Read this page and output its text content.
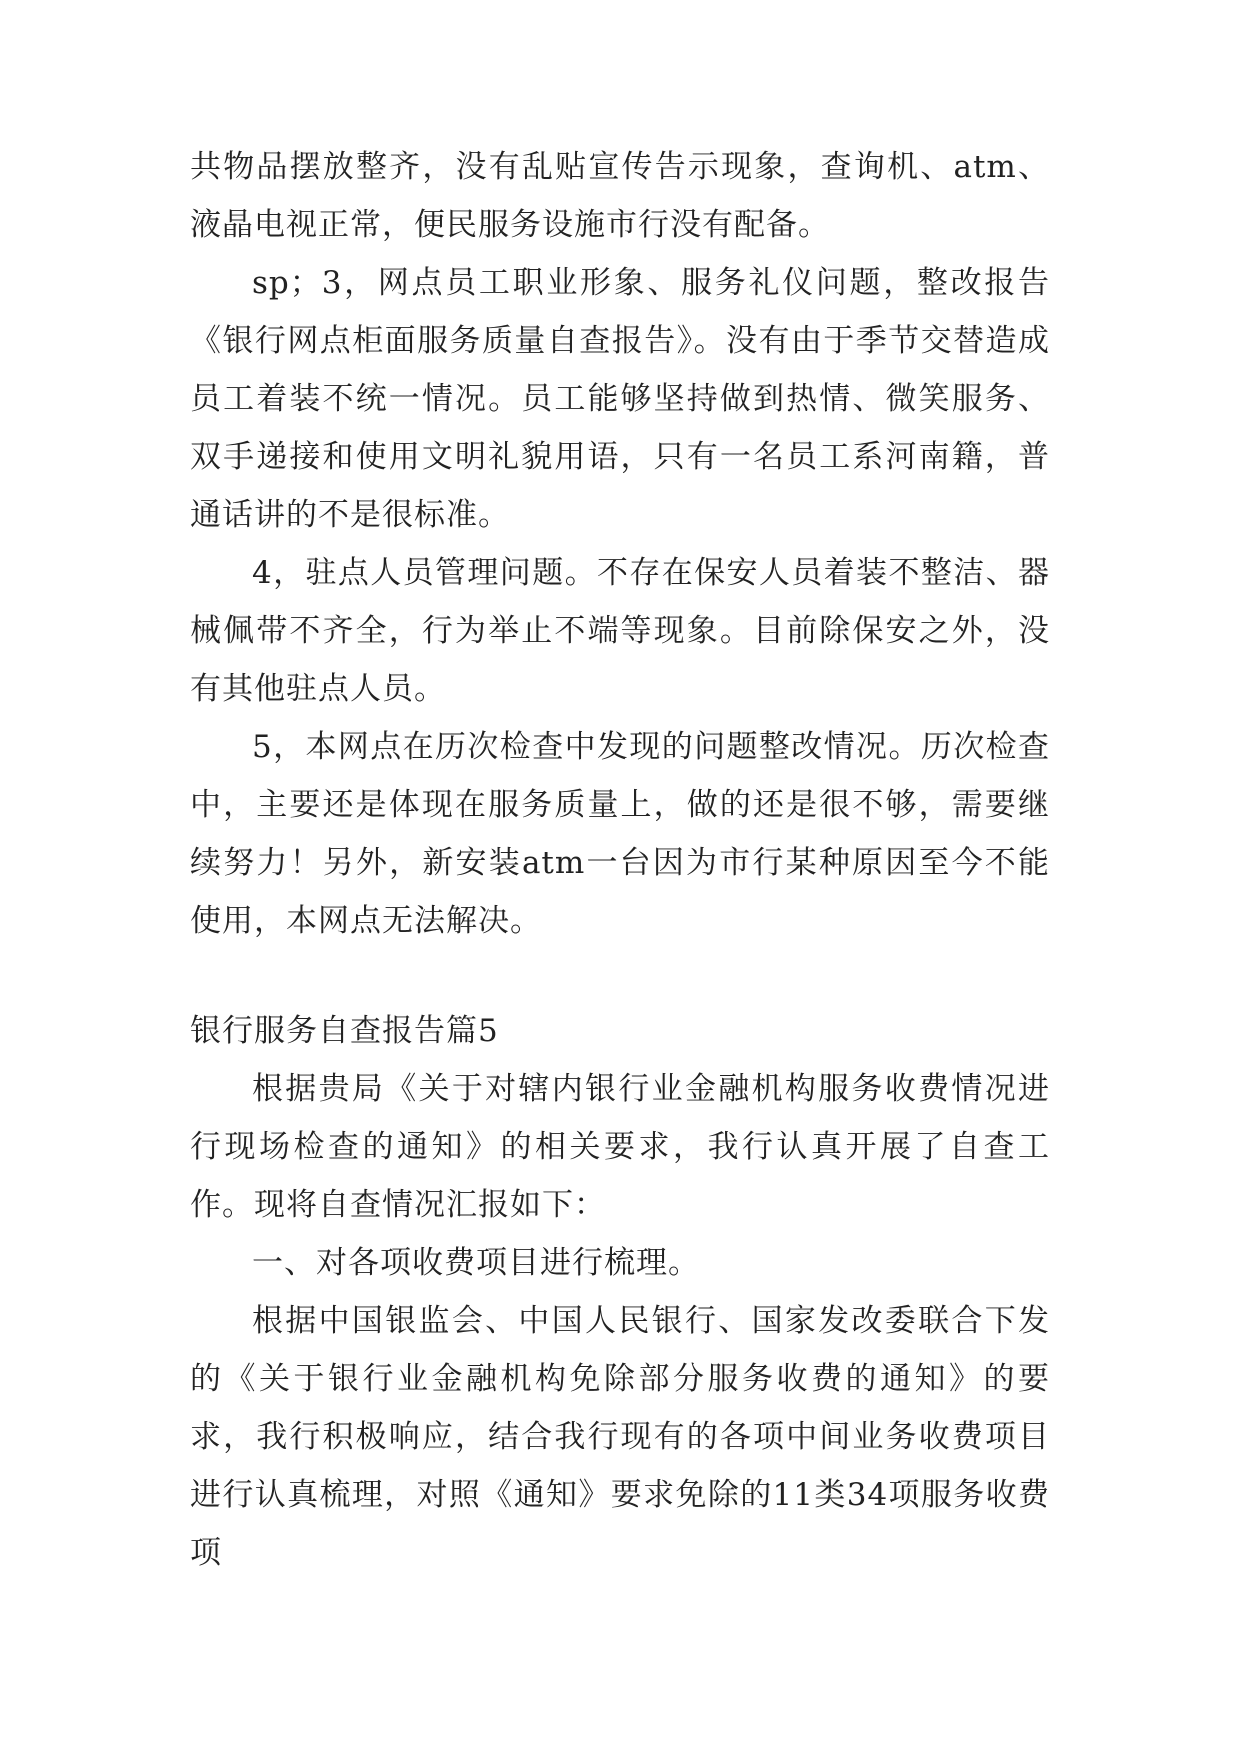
共物品摆放整齐，没有乱贴宣传告示现象，查询机、atm、液晶电视正常，便民服务设施市行没有配备。

sp；3，网点员工职业形象、服务礼仪问题，整改报告《银行网点柜面服务质量自查报告》。没有由于季节交替造成员工着装不统一情况。员工能够坚持做到热情、微笑服务、双手递接和使用文明礼貌用语，只有一名员工系河南籍，普通话讲的不是很标准。

4，驻点人员管理问题。不存在保安人员着装不整洁、器械佩带不齐全，行为举止不端等现象。目前除保安之外，没有其他驻点人员。

5，本网点在历次检查中发现的问题整改情况。历次检查中，主要还是体现在服务质量上，做的还是很不够，需要继续努力！另外，新安装atm一台因为市行某种原因至今不能使用，本网点无法解决。

银行服务自查报告篇5

根据贵局《关于对辖内银行业金融机构服务收费情况进行现场检查的通知》的相关要求，我行认真开展了自查工作。现将自查情况汇报如下：

一、对各项收费项目进行梳理。

根据中国银监会、中国人民银行、国家发改委联合下发的《关于银行业金融机构免除部分服务收费的通知》的要求，我行积极响应，结合我行现有的各项中间业务收费项目进行认真梳理，对照《通知》要求免除的11类34项服务收费项
